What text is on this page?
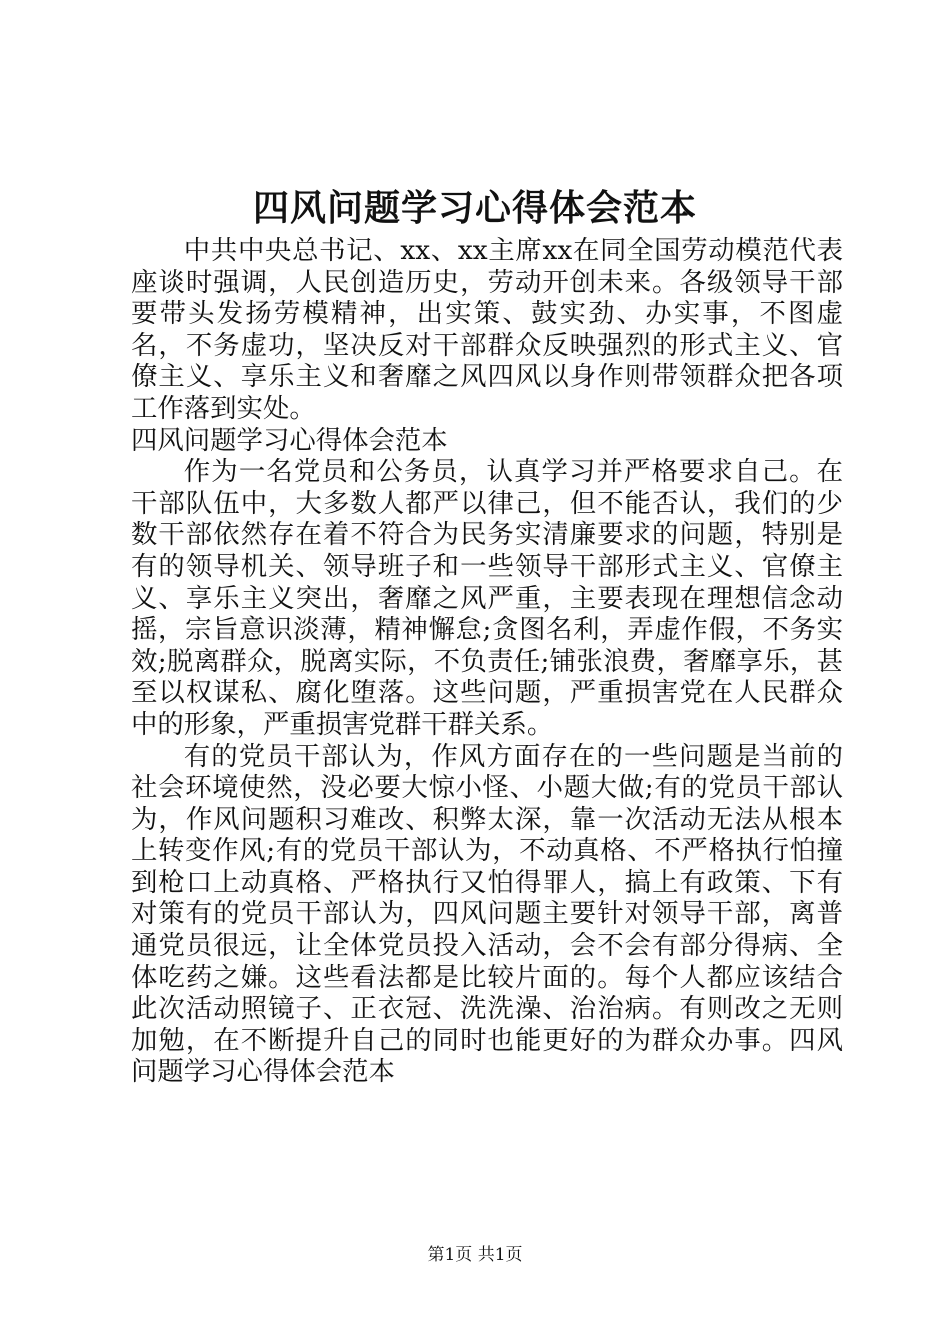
四风问题学习心得体会范本

中共中央总书记、xx、xx主席xx在同全国劳动模范代表座谈时强调，人民创造历史，劳动开创未来。各级领导干部要带头发扬劳模精神，出实策、鼓实劲、办实事，不图虚名，不务虚功，坚决反对干部群众反映强烈的形式主义、官僚主义、享乐主义和奢靡之风四风以身作则带领群众把各项工作落到实处。

四风问题学习心得体会范本

作为一名党员和公务员，认真学习并严格要求自己。在干部队伍中，大多数人都严以律己，但不能否认，我们的少数干部依然存在着不符合为民务实清廉要求的问题，特别是有的领导机关、领导班子和一些领导干部形式主义、官僚主义、享乐主义突出，奢靡之风严重，主要表现在理想信念动摇，宗旨意识淡薄，精神懈怠;贪图名利，弄虚作假，不务实效;脱离群众，脱离实际，不负责任;铺张浪费，奢靡享乐，甚至以权谋私、腐化堕落。这些问题，严重损害党在人民群众中的形象，严重损害党群干群关系。

有的党员干部认为，作风方面存在的一些问题是当前的社会环境使然，没必要大惊小怪、小题大做;有的党员干部认为，作风问题积习难改、积弊太深，靠一次活动无法从根本上转变作风;有的党员干部认为，不动真格、不严格执行怕撞到枪口上动真格、严格执行又怕得罪人，搞上有政策、下有对策有的党员干部认为，四风问题主要针对领导干部，离普通党员很远，让全体党员投入活动，会不会有部分得病、全体吃药之嫌。这些看法都是比较片面的。每个人都应该结合此次活动照镜子、正衣冠、洗洗澡、治治病。有则改之无则加勉，在不断提升自己的同时也能更好的为群众办事。四风问题学习心得体会范本

第1页 共1页
